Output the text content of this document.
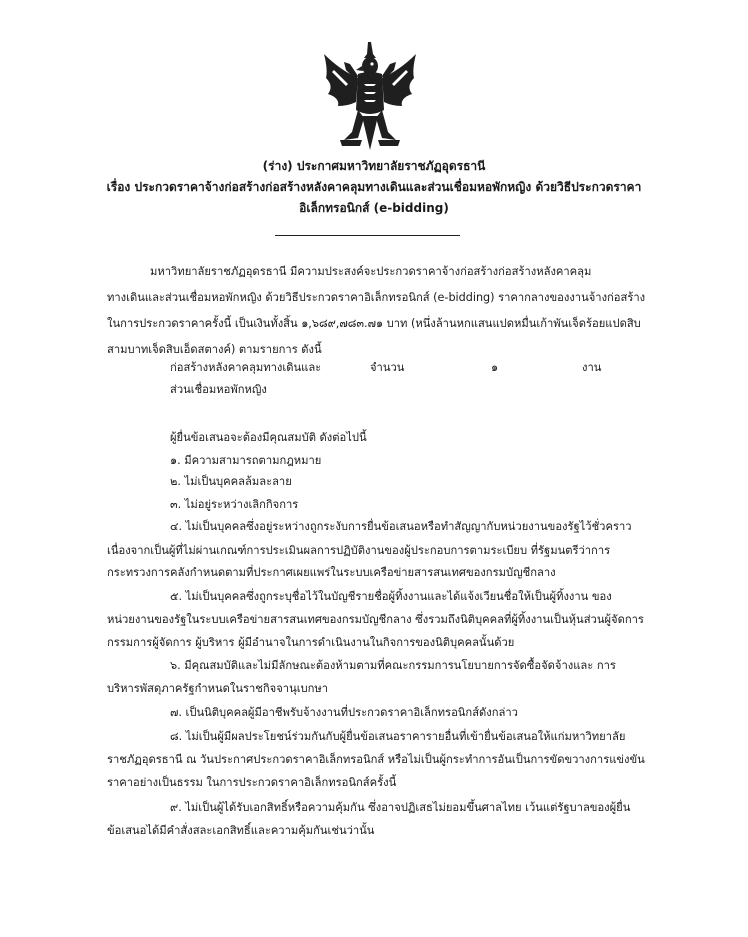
(ร่าง) ประกาศมหาวิทยาลัยราชภัฏอุดรธานี
เรื่อง ประกวดราคาจ้างก่อสร้างก่อสร้างหลังคาคลุมทางเดินและส่วนเชื่อมหอพักหญิง ด้วยวิธีประกวดราคา
อิเล็กทรอนิกส์ (e-bidding)
มหาวิทยาลัยราชภัฏอุดรธานี มีความประสงค์จะประกวดราคาจ้างก่อสร้างก่อสร้างหลังคาคลุม
ทางเดินและส่วนเชื่อมหอพักหญิง ด้วยวิธีประกวดราคาอิเล็กทรอนิกส์ (e-bidding) ราคากลางของงานจ้างก่อสร้าง
ในการประกวดราคาครั้งนี้ เป็นเงินทั้งสิ้น ๑,๖๘๙,๗๘๓.๗๑ บาท (หนึ่งล้านหกแสนแปดหมื่นเก้าพันเจ็ดร้อยแปดสิบ
สามบาทเจ็ดสิบเอ็ดสตางค์) ตามรายการ ดังนี้
ก่อสร้างหลังคาคลุมทางเดินและ
ส่วนเชื่อมหอพักหญิง
จำนวน	๑	งาน
ผู้ยื่นข้อเสนอจะต้องมีคุณสมบัติ ดังต่อไปนี้
๑. มีความสามารถตามกฎหมาย
๒. ไม่เป็นบุคคลล้มละลาย
๓. ไม่อยู่ระหว่างเลิกกิจการ
๔. ไม่เป็นบุคคลซึ่งอยู่ระหว่างถูกระงับการยื่นข้อเสนอหรือทำสัญญากับหน่วยงานของรัฐไว้ชั่วคราว
เนื่องจากเป็นผู้ที่ไม่ผ่านเกณฑ์การประเมินผลการปฏิบัติงานของผู้ประกอบการตามระเบียบ ที่รัฐมนตรีว่าการ
กระทรวงการคลังกำหนดตามที่ประกาศเผยแพร่ในระบบเครือข่ายสารสนเทศของกรมบัญชีกลาง
๕. ไม่เป็นบุคคลซึ่งถูกระบุชื่อไว้ในบัญชีรายชื่อผู้ทิ้งงานและได้แจ้งเวียนชื่อให้เป็นผู้ทิ้งงาน ของ
หน่วยงานของรัฐในระบบเครือข่ายสารสนเทศของกรมบัญชีกลาง ซึ่งรวมถึงนิติบุคคลที่ผู้ทิ้งงานเป็นหุ้นส่วนผู้จัดการ
กรรมการผู้จัดการ ผู้บริหาร ผู้มีอำนาจในการดำเนินงานในกิจการของนิติบุคคลนั้นด้วย
๖. มีคุณสมบัติและไม่มีลักษณะต้องห้ามตามที่คณะกรรมการนโยบายการจัดซื้อจัดจ้างและ การ
บริหารพัสดุภาครัฐกำหนดในราชกิจจานุเบกษา
๗. เป็นนิติบุคคลผู้มีอาชีพรับจ้างงานที่ประกวดราคาอิเล็กทรอนิกส์ดังกล่าว
๘. ไม่เป็นผู้มีผลประโยชน์ร่วมกันกับผู้ยื่นข้อเสนอราคารายอื่นที่เข้ายื่นข้อเสนอให้แก่มหาวิทยาลัย
ราชภัฏอุดรธานี ณ วันประกาศประกวดราคาอิเล็กทรอนิกส์ หรือไม่เป็นผู้กระทำการอันเป็นการขัดขวางการแข่งขัน
ราคาอย่างเป็นธรรม ในการประกวดราคาอิเล็กทรอนิกส์ครั้งนี้
๙. ไม่เป็นผู้ได้รับเอกสิทธิ์หรือความคุ้มกัน ซึ่งอาจปฏิเสธไม่ยอมขึ้นศาลไทย เว้นแต่รัฐบาลของผู้ยื่น
ข้อเสนอได้มีคำสั่งสละเอกสิทธิ์และความคุ้มกันเช่นว่านั้น
